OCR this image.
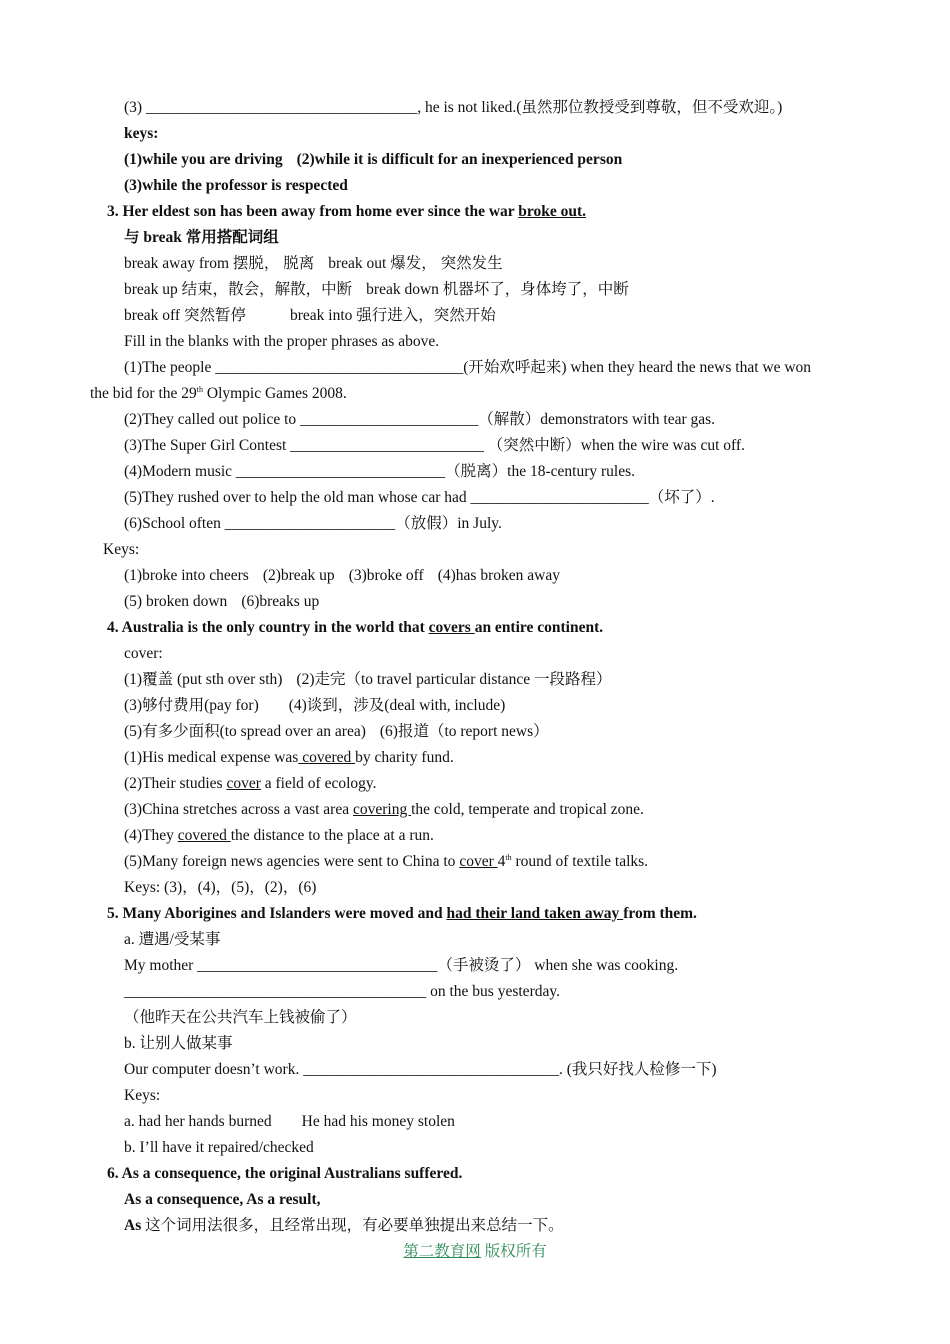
(3) ___________________________________, he is not liked.(虽然那位教授受到尊敬，但不受欢迎。)
keys:
(1)while you are driving (2)while it is difficult for an inexperienced person
(3)while the professor is respected
3. Her eldest son has been away from home ever since the war broke out.
与 break 常用搭配词组
break away from 摆脱， 脱离 break out 爆发， 突然发生
break up 结束，散会，解散，中断 break down 机器坏了，身体垮了，中断
break off 突然暂停	break into 强行进入，突然开始
Fill in the blanks with the proper phrases as above.
(1)The people ________________________________(开始欢呼起来) when they heard the news that we won
the bid for the 29th Olympic Games 2008.
(2)They called out police to _______________________（解散）demonstrators with tear gas.
(3)The Super Girl Contest _________________________ （突然中断）when the wire was cut off.
(4)Modern music ___________________________（脱离）the 18-century rules.
(5)They rushed over to help the old man whose car had _______________________（坏了）.
(6)School often ______________________（放假）in July.
Keys:
(1)broke into cheers (2)break up (3)broke off (4)has broken away
(5) broken down (6)breaks up
4. Australia is the only country in the world that covers an entire continent.
cover:
(1)覆盖 (put sth over sth) (2)走完（to travel particular distance 一段路程）
(3)够付费用(pay for) (4)谈到，涉及(deal with, include)
(5)有多少面积(to spread over an area) (6)报道（to report news）
(1)His medical expense was covered by charity fund.
(2)Their studies cover a field of ecology.
(3)China stretches across a vast area covering the cold, temperate and tropical zone.
(4)They covered the distance to the place at a run.
(5)Many foreign news agencies were sent to China to cover 4th round of textile talks.
Keys: (3)，(4)，(5)，(2)，(6)
5. Many Aborigines and Islanders were moved and had their land taken away from them.
a. 遭遇/受某事
My mother _______________________________（手被烫了） when she was cooking.
_______________________________________ on the bus yesterday.
（他昨天在公共汽车上钱被偷了）
b. 让别人做某事
Our computer doesn’t work. _________________________________. (我只好找人检修一下)
Keys:
a. had her hands burned He had his money stolen
b. I’ll have it repaired/checked
6. As a consequence, the original Australians suffered.
As a consequence, As a result,
As 这个词用法很多，且经常出现，有必要单独提出来总结一下。
第二教育网 版权所有
